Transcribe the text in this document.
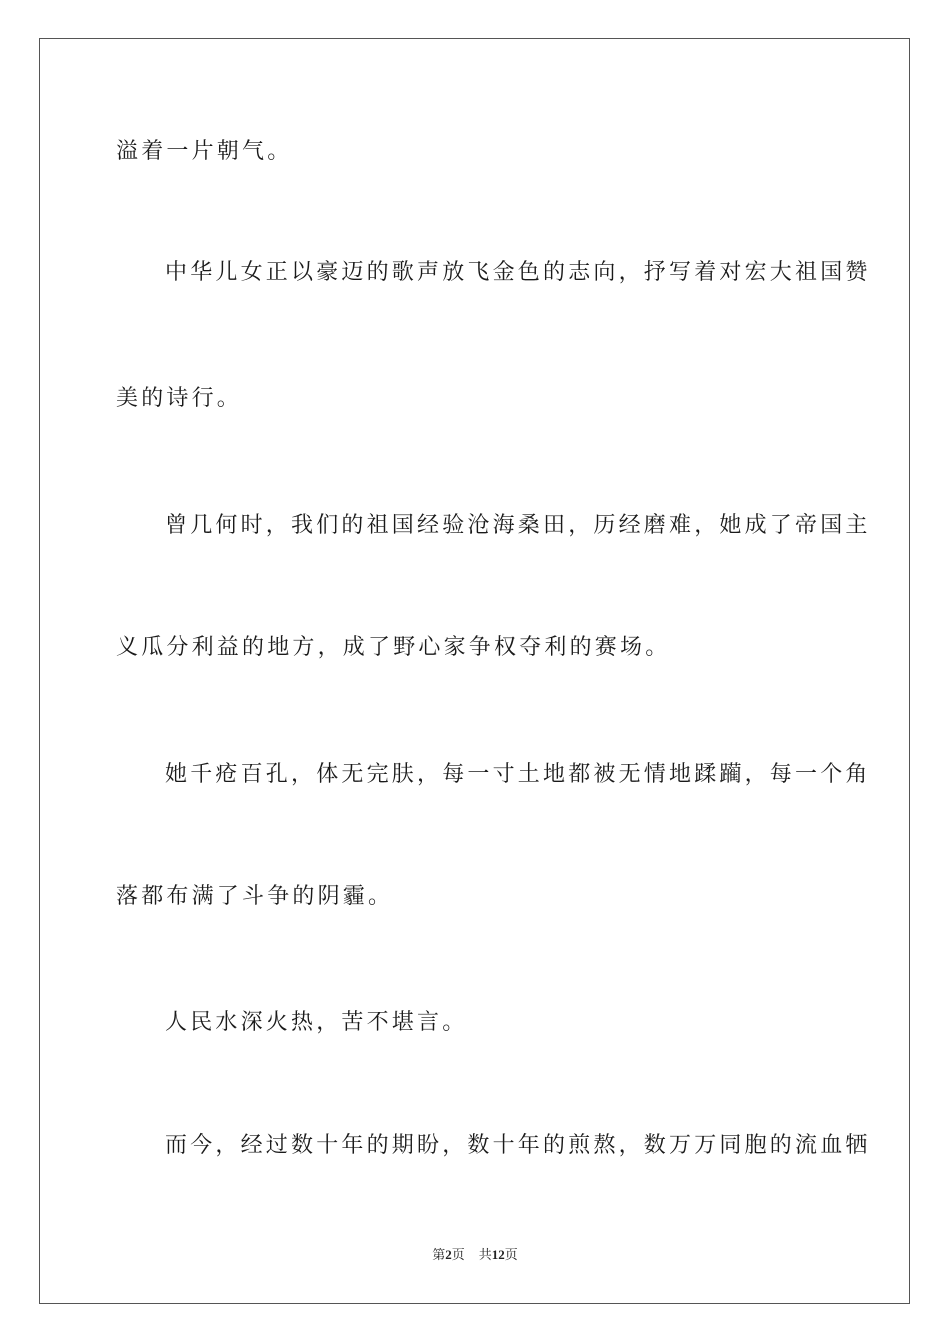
溢着一片朝气。
中华儿女正以豪迈的歌声放飞金色的志向，抒写着对宏大祖国赞
美的诗行。
曾几何时，我们的祖国经验沧海桑田，历经磨难，她成了帝国主
义瓜分利益的地方，成了野心家争权夺利的赛场。
她千疮百孔，体无完肤，每一寸土地都被无情地蹂躏，每一个角
落都布满了斗争的阴霾。
人民水深火热，苦不堪言。
而今，经过数十年的期盼，数十年的煎熬，数万万同胞的流血牺
第2页 共12页
